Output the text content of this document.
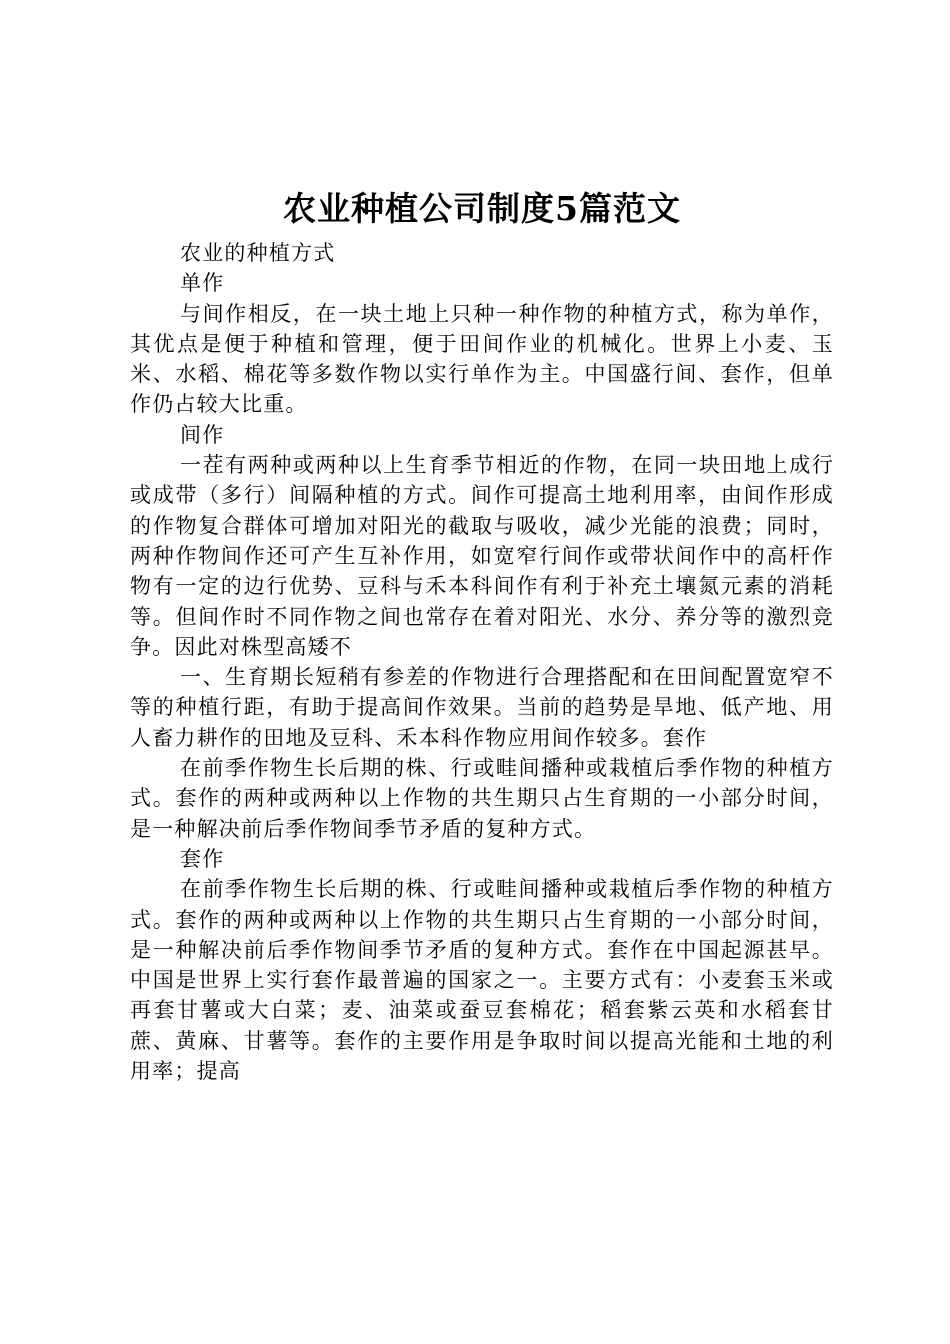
农业种植公司制度5篇范文

农业的种植方式

单作

与间作相反，在一块土地上只种一种作物的种植方式，称为单作，其优点是便于种植和管理，便于田间作业的机械化。世界上小麦、玉米、水稻、棉花等多数作物以实行单作为主。中国盛行间、套作，但单作仍占较大比重。

间作

一茬有两种或两种以上生育季节相近的作物，在同一块田地上成行或成带（多行）间隔种植的方式。间作可提高土地利用率，由间作形成的作物复合群体可增加对阳光的截取与吸收，减少光能的浪费；同时，两种作物间作还可产生互补作用，如宽窄行间作或带状间作中的高杆作物有一定的边行优势、豆科与禾本科间作有利于补充土壤氮元素的消耗等。但间作时不同作物之间也常存在着对阳光、水分、养分等的激烈竞争。因此对株型高矮不

一、生育期长短稍有参差的作物进行合理搭配和在田间配置宽窄不等的种植行距，有助于提高间作效果。当前的趋势是旱地、低产地、用人畜力耕作的田地及豆科、禾本科作物应用间作较多。套作

在前季作物生长后期的株、行或畦间播种或栽植后季作物的种植方式。套作的两种或两种以上作物的共生期只占生育期的一小部分时间，是一种解决前后季作物间季节矛盾的复种方式。

套作

在前季作物生长后期的株、行或畦间播种或栽植后季作物的种植方式。套作的两种或两种以上作物的共生期只占生育期的一小部分时间，是一种解决前后季作物间季节矛盾的复种方式。套作在中国起源甚早。中国是世界上实行套作最普遍的国家之一。主要方式有：小麦套玉米或再套甘薯或大白菜；麦、油菜或蚕豆套棉花；稻套紫云英和水稻套甘蔗、黄麻、甘薯等。套作的主要作用是争取时间以提高光能和土地的利用率；提高
